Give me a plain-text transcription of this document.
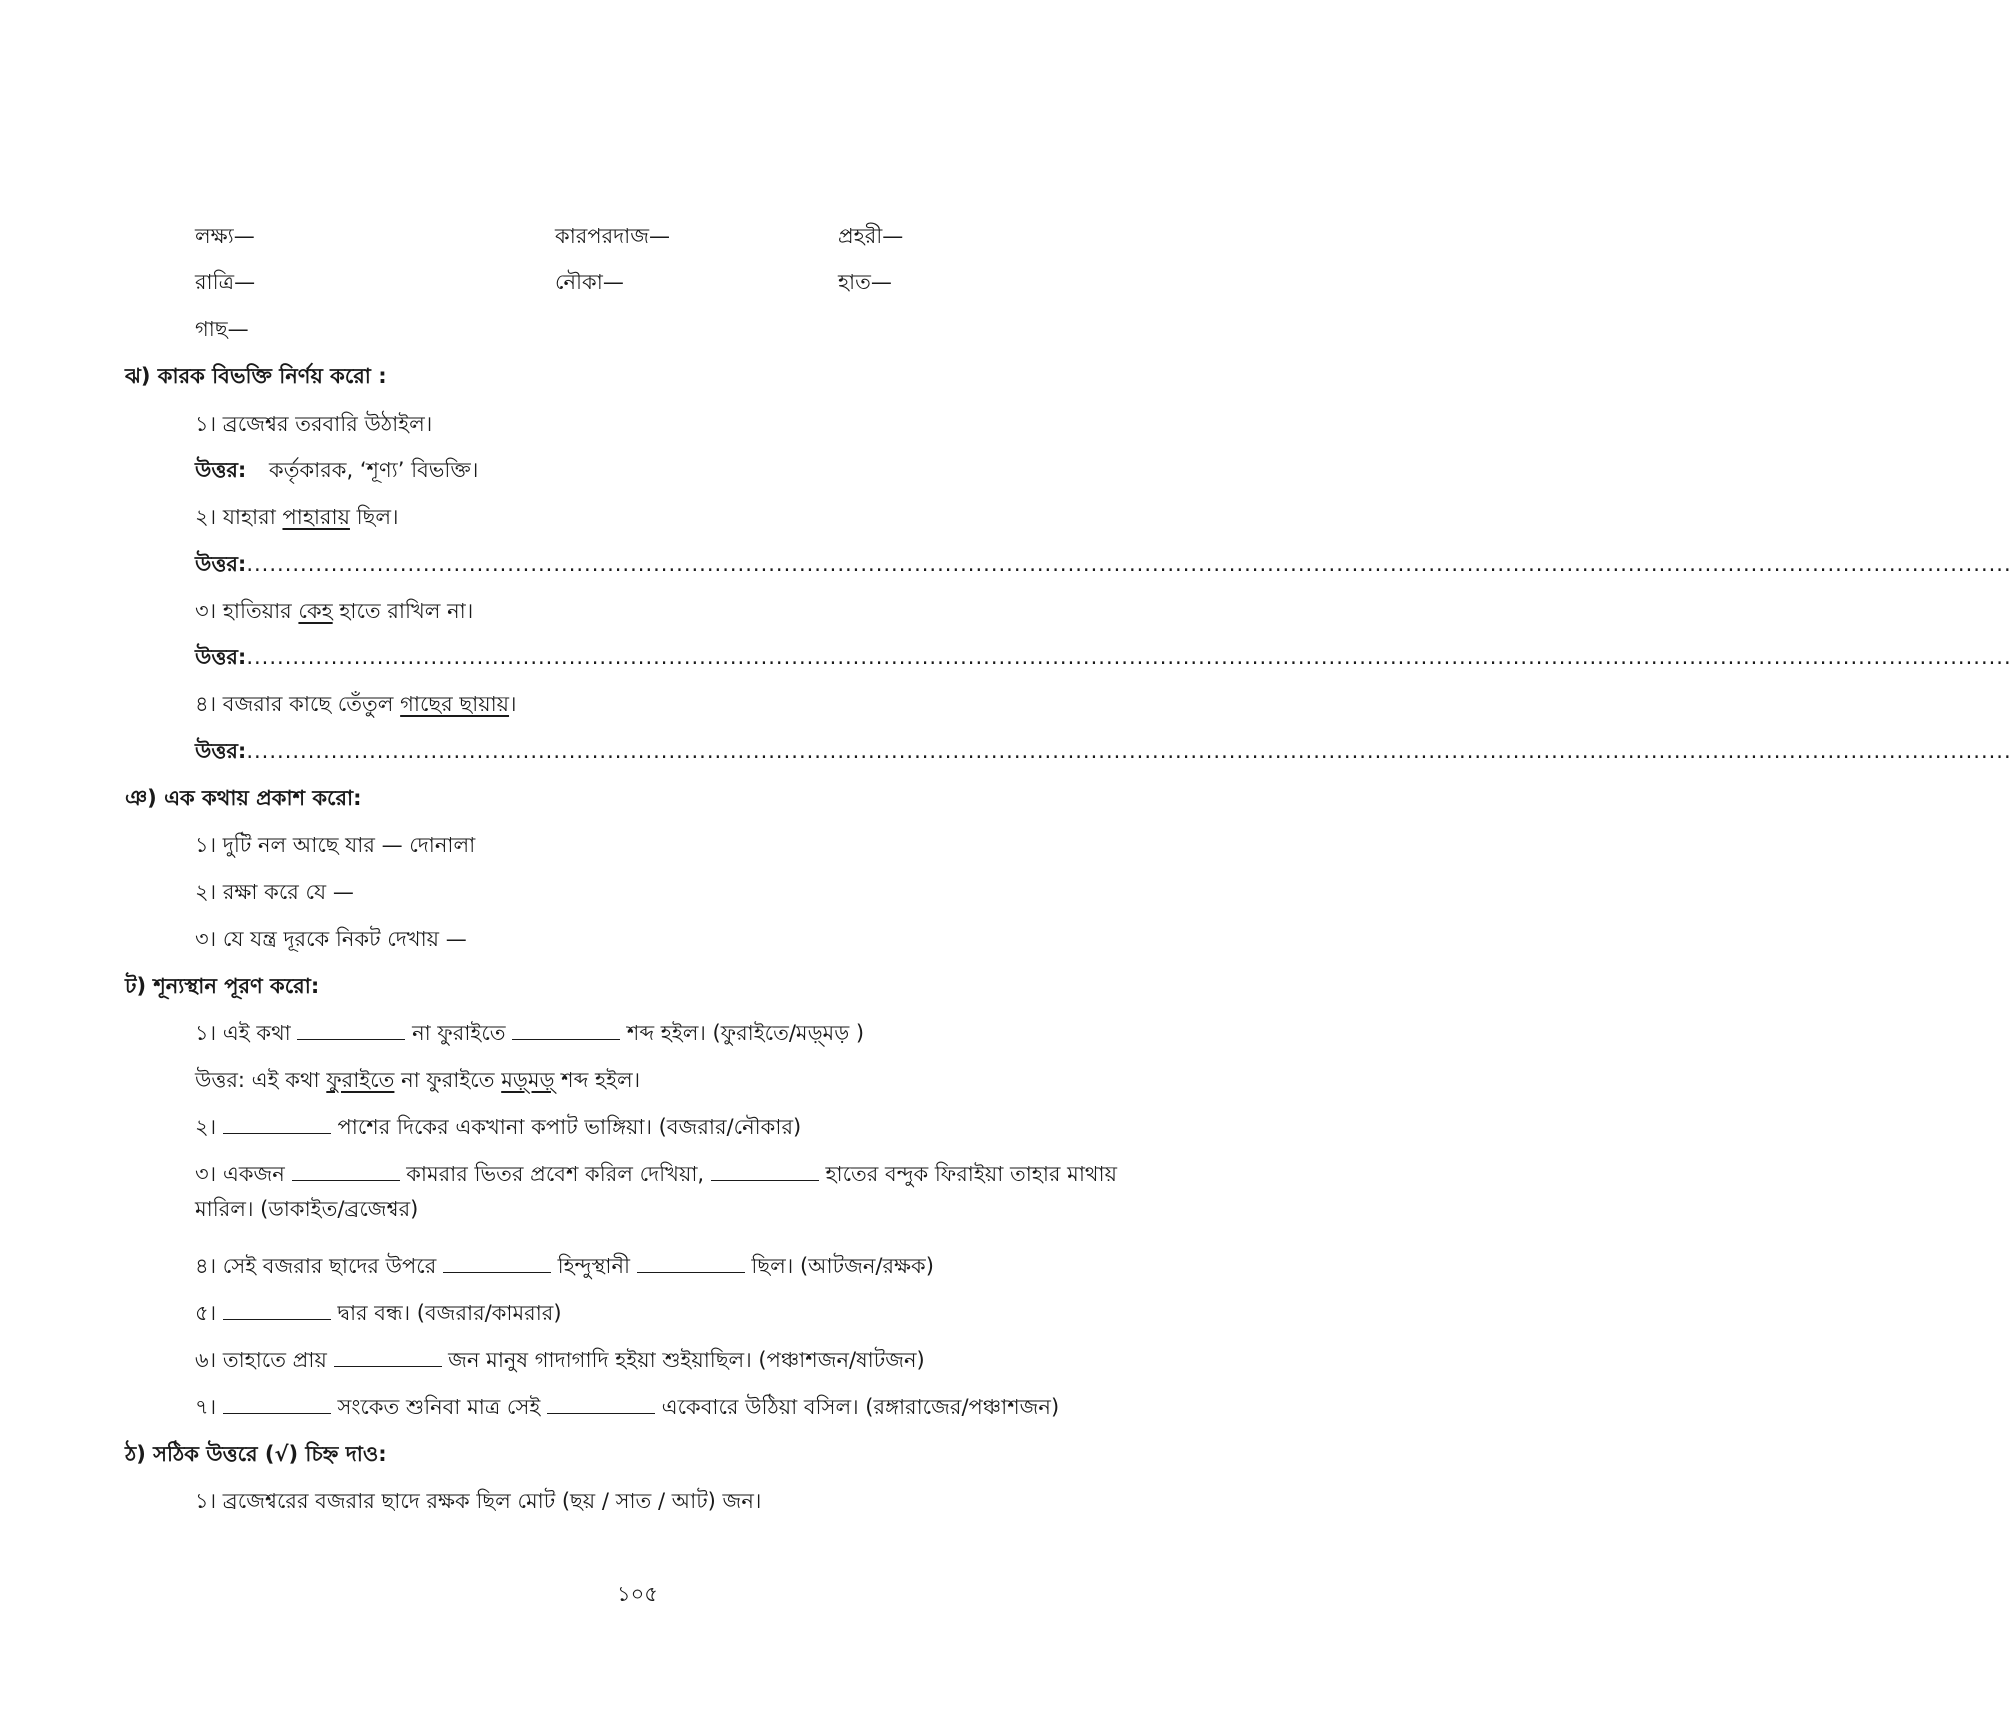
লক্ষ্য—	কারপরদাজ—	প্রহরী—
রাত্রি—	নৌকা—	হাত—
গাছ—
ঝ) কারক বিভক্তি নির্ণয় করো :
১। ব্রজেশ্বর তরবারি উঠাইল।
উত্তর: কর্তৃকারক, ‘শূণ্য’ বিভক্তি।
২। যাহারা পাহারায় ছিল।
উত্তর:......................................................................................................................................................................................................................................
৩। হাতিয়ার কেহ হাতে রাখিল না।
উত্তর:......................................................................................................................................................................................................................................
৪। বজরার কাছে তেঁতুল গাছের ছায়ায়।
উত্তর:......................................................................................................................................................................................................................................
ঞ) এক কথায় প্রকাশ করো:
১। দুটি নল আছে যার — দোনালা
২। রক্ষা করে যে —
৩। যে যন্ত্র দূরকে নিকট দেখায় —
ট) শূন্যস্থান পূরণ করো:
১। এই কথা	না ফুরাইতে	শব্দ হইল। (ফুরাইতে/মড়্মড় )
উত্তর: এই কথা ফুরাইতে না ফুরাইতে মড়্মড়্ শব্দ হইল।
২।	পাশের দিকের একখানা কপাট ভাঙ্গিয়া। (বজরার/নৌকার)
৩। একজন	কামরার ভিতর প্রবেশ করিল দেখিয়া,	হাতের বন্দুক ফিরাইয়া তাহার মাথায়
মারিল। (ডাকাইত/ব্রজেশ্বর)
৪। সেই বজরার ছাদের উপরে	হিন্দুস্থানী	ছিল। (আটজন/রক্ষক)
৫।	দ্বার বন্ধ। (বজরার/কামরার)
৬। তাহাতে প্রায়	জন মানুষ গাদাগাদি হইয়া শুইয়াছিল। (পঞ্চাশজন/ষাটজন)
৭।	সংকেত শুনিবা মাত্র সেই	একেবারে উঠিয়া বসিল। (রঙ্গারাজের/পঞ্চাশজন)
ঠ) সঠিক উত্তরে (√) চিহ্ন দাও:
১। ব্রজেশ্বরের বজরার ছাদে রক্ষক ছিল মোট (ছয় / সাত / আট) জন।
১০৫
